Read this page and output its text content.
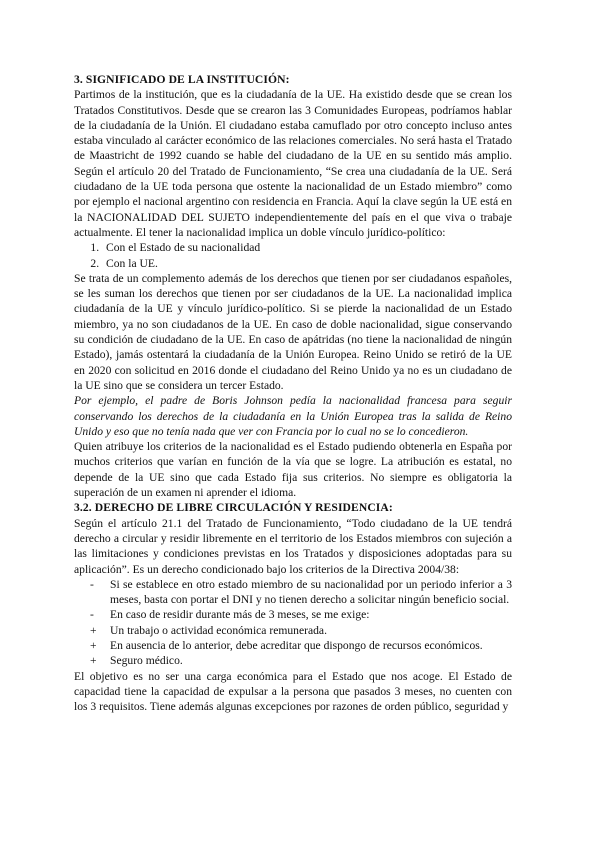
3. SIGNIFICADO DE LA INSTITUCIÓN:
Partimos de la institución, que es la ciudadanía de la UE. Ha existido desde que se crean los Tratados Constitutivos. Desde que se crearon las 3 Comunidades Europeas, podríamos hablar de la ciudadanía de la Unión. El ciudadano estaba camuflado por otro concepto incluso antes estaba vinculado al carácter económico de las relaciones comerciales. No será hasta el Tratado de Maastricht de 1992 cuando se hable del ciudadano de la UE en su sentido más amplio. Según el artículo 20 del Tratado de Funcionamiento, “Se crea una ciudadanía de la UE. Será ciudadano de la UE toda persona que ostente la nacionalidad de un Estado miembro” como por ejemplo el nacional argentino con residencia en Francia. Aquí la clave según la UE está en la NACIONALIDAD DEL SUJETO independientemente del país en el que viva o trabaje actualmente. El tener la nacionalidad implica un doble vínculo jurídico-político:
1. Con el Estado de su nacionalidad
2. Con la UE.
Se trata de un complemento además de los derechos que tienen por ser ciudadanos españoles, se les suman los derechos que tienen por ser ciudadanos de la UE. La nacionalidad implica ciudadanía de la UE y vínculo jurídico-político. Si se pierde la nacionalidad de un Estado miembro, ya no son ciudadanos de la UE. En caso de doble nacionalidad, sigue conservando su condición de ciudadano de la UE. En caso de apátridas (no tiene la nacionalidad de ningún Estado), jamás ostentará la ciudadanía de la Unión Europea. Reino Unido se retiró de la UE en 2020 con solicitud en 2016 donde el ciudadano del Reino Unido ya no es un ciudadano de la UE sino que se considera un tercer Estado.
Por ejemplo, el padre de Boris Johnson pedía la nacionalidad francesa para seguir conservando los derechos de la ciudadanía en la Unión Europea tras la salida de Reino Unido y eso que no tenía nada que ver con Francia por lo cual no se lo concedieron.
Quien atribuye los criterios de la nacionalidad es el Estado pudiendo obtenerla en España por muchos criterios que varían en función de la vía que se logre. La atribución es estatal, no depende de la UE sino que cada Estado fija sus criterios. No siempre es obligatoria la superación de un examen ni aprender el idioma.
3.2. DERECHO DE LIBRE CIRCULACIÓN Y RESIDENCIA:
Según el artículo 21.1 del Tratado de Funcionamiento, “Todo ciudadano de la UE tendrá derecho a circular y residir libremente en el territorio de los Estados miembros con sujeción a las limitaciones y condiciones previstas en los Tratados y disposiciones adoptadas para su aplicación”. Es un derecho condicionado bajo los criterios de la Directiva 2004/38:
-	Si se establece en otro estado miembro de su nacionalidad por un periodo inferior a 3 meses, basta con portar el DNI y no tienen derecho a solicitar ningún beneficio social.
-	En caso de residir durante más de 3 meses, se me exige:
+	Un trabajo o actividad económica remunerada.
+	En ausencia de lo anterior, debe acreditar que dispongo de recursos económicos.
+	Seguro médico.
El objetivo es no ser una carga económica para el Estado que nos acoge. El Estado de capacidad tiene la capacidad de expulsar a la persona que pasados 3 meses, no cuenten con los 3 requisitos. Tiene además algunas excepciones por razones de orden público, seguridad y
